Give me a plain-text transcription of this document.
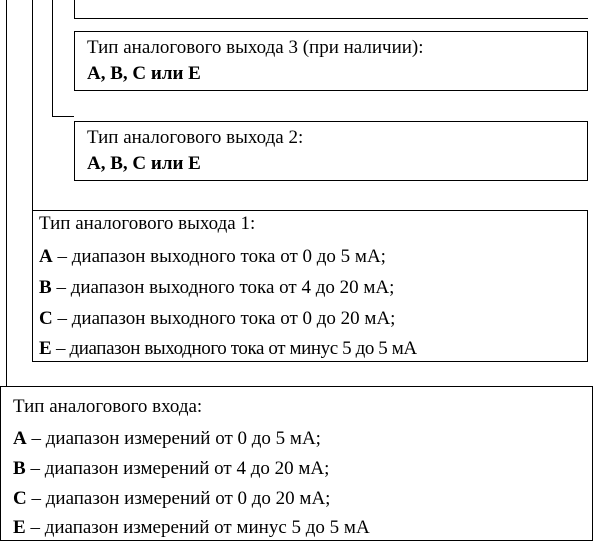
Тип аналогового выхода 3 (при наличии):
A, B, C или E
Тип аналогового выхода 2:
A, B, C или E
Тип аналогового выхода 1:
A – диапазон выходного тока от 0 до 5 мА;
B – диапазон выходного тока от 4 до 20 мА;
C – диапазон выходного тока от 0 до 20 мА;
E – диапазон выходного тока от минус 5 до 5 мА
Тип аналогового входа:
A – диапазон измерений от 0 до 5 мА;
B – диапазон измерений от 4 до 20 мА;
C – диапазон измерений от 0 до 20 мА;
E – диапазон измерений от минус 5 до 5 мА
